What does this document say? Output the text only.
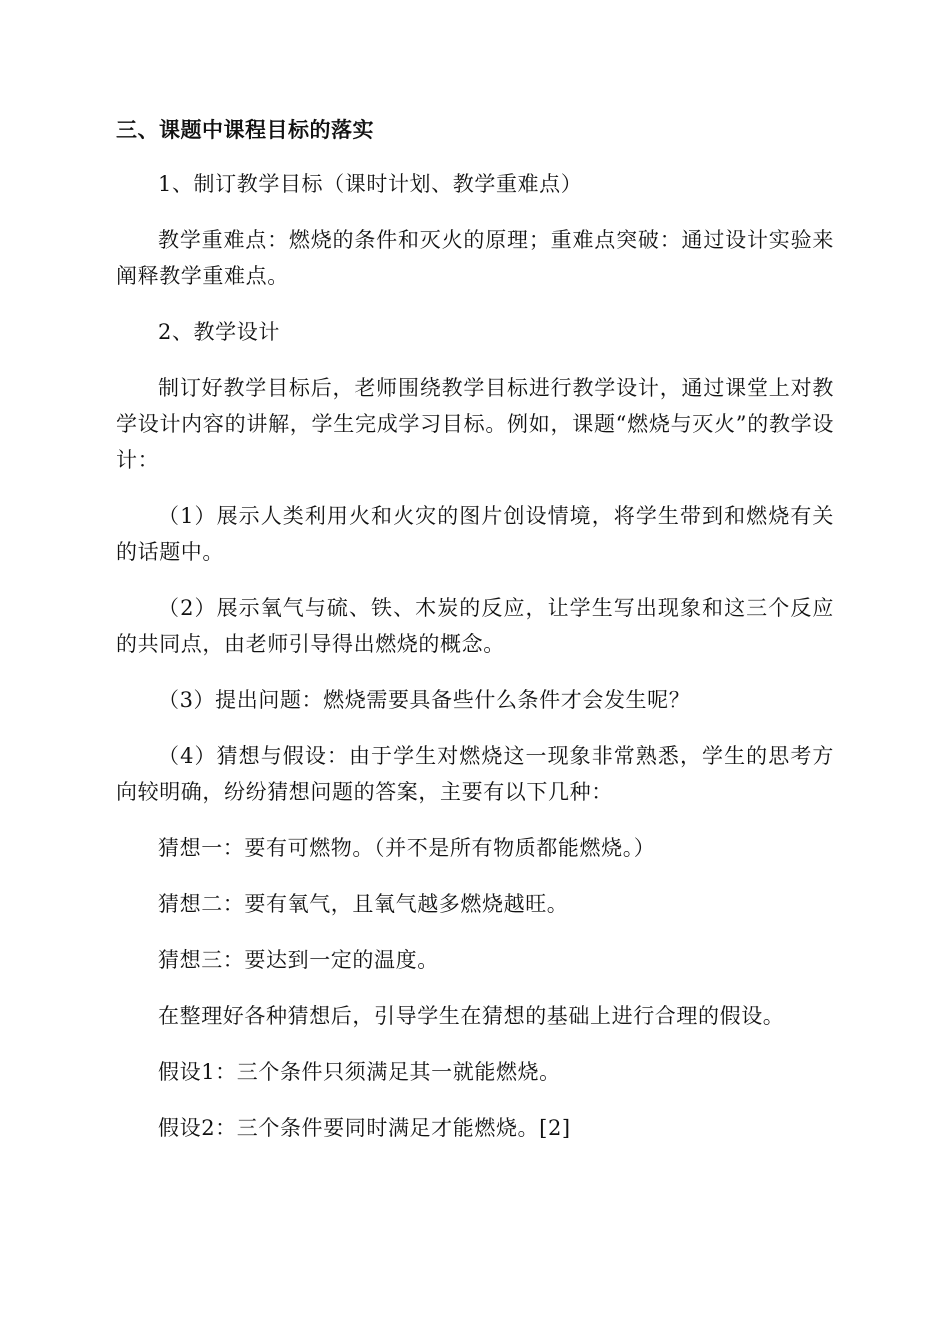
三、课题中课程目标的落实

1、制订教学目标（课时计划、教学重难点）

教学重难点：燃烧的条件和灭火的原理；重难点突破：通过设计实验来阐释教学重难点。

2、教学设计

制订好教学目标后，老师围绕教学目标进行教学设计，通过课堂上对教学设计内容的讲解，学生完成学习目标。例如，课题“燃烧与灭火”的教学设计：

（1）展示人类利用火和火灾的图片创设情境，将学生带到和燃烧有关的话题中。

（2）展示氧气与硫、铁、木炭的反应，让学生写出现象和这三个反应的共同点，由老师引导得出燃烧的概念。

（3）提出问题：燃烧需要具备些什么条件才会发生呢？

（4）猜想与假设：由于学生对燃烧这一现象非常熟悉，学生的思考方向较明确，纷纷猜想问题的答案，主要有以下几种：

猜想一：要有可燃物。（并不是所有物质都能燃烧。）

猜想二：要有氧气，且氧气越多燃烧越旺。

猜想三：要达到一定的温度。

在整理好各种猜想后，引导学生在猜想的基础上进行合理的假设。

假设1：三个条件只须满足其一就能燃烧。

假设2：三个条件要同时满足才能燃烧。[2]
